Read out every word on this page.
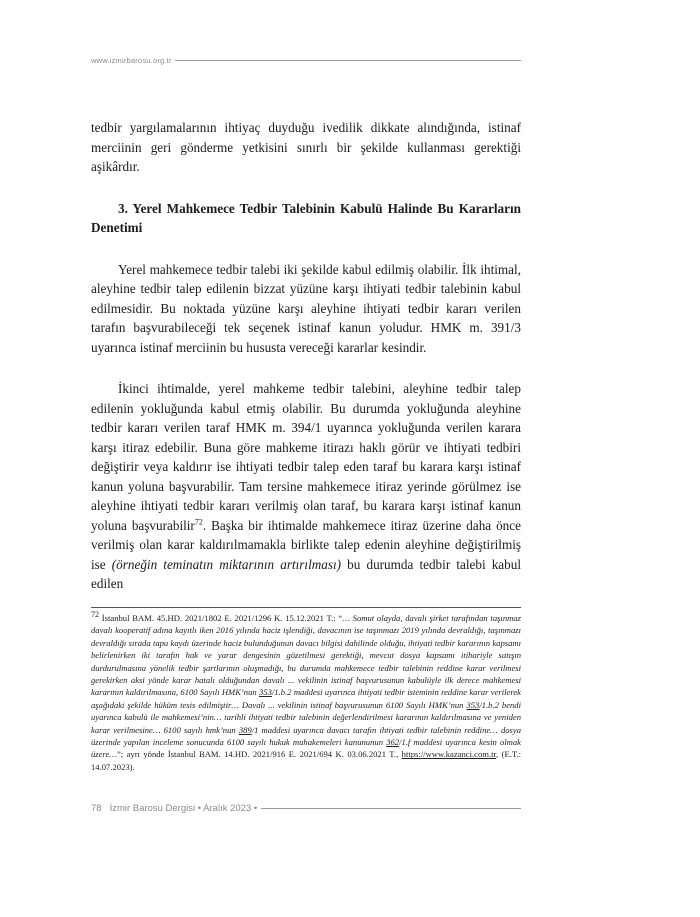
www.izmirbarosu.org.tr

tedbir yargılamalarının ihtiyaç duyduğu ivedilik dikkate alındığında, istinaf merciinin geri gönderme yetkisini sınırlı bir şekilde kullanması gerektiği aşikârdır.

3. Yerel Mahkemece Tedbir Talebinin Kabulü Halinde Bu Kararların Denetimi

Yerel mahkemece tedbir talebi iki şekilde kabul edilmiş olabilir. İlk ihtimal, aleyhine tedbir talep edilenin bizzat yüzüne karşı ihtiyati tedbir talebinin kabul edilmesidir. Bu noktada yüzüne karşı aleyhine ihtiyati tedbir kararı verilen tarafın başvurabileceği tek seçenek istinaf kanun yoludur. HMK m. 391/3 uyarınca istinaf merciinin bu hususta vereceği kararlar kesindir.

İkinci ihtimalde, yerel mahkeme tedbir talebini, aleyhine tedbir talep edilenin yokluğunda kabul etmiş olabilir. Bu durumda yokluğunda aleyhine tedbir kararı verilen taraf HMK m. 394/1 uyarınca yokluğunda verilen karara karşı itiraz edebilir. Buna göre mahkeme itirazı haklı görür ve ihtiyati tedbiri değiştirir veya kaldırır ise ihtiyati tedbir talep eden taraf bu karara karşı istinaf kanun yoluna başvurabilir. Tam tersine mahkemece itiraz yerinde görülmez ise aleyhine ihtiyati tedbir kararı verilmiş olan taraf, bu karara karşı istinaf kanun yoluna başvurabilir$^{72}$. Başka bir ihtimalde mahkemece itiraz üzerine daha önce verilmiş olan karar kaldırılmamakla birlikte talep edenin aleyhine değiştirilmiş ise (örneğin teminatın miktarının artırılması) bu durumda tedbir talebi kabul edilen

72 İstanbul BAM. 45.HD. 2021/1802 E. 2021/1296 K. 15.12.2021 T.: “… Somut olayda, davalı şirket tarafından taşınmaz davalı kooperatif adına kayıtlı iken 2016 yılında haciz işlendiği, davacının ise taşınmazı 2019 yılında devraldığı, taşınmazı devraldığı sırada tapu kaydı üzerinde haciz bulunduğunun davacı bilgisi dahilinde olduğu, ihtiyati tedbir kararının kapsamı belirlenirken iki tarafın hak ve yarar dengesinin gözetilmesi gerektiği, mevcut dosya kapsamı itibariyle satışın durdurulmasına yönelik tedbir şartlarının oluşmadığı, bu durumda mahkemece tedbir talebinin reddine karar verilmesi gerekirken aksi yönde karar hatalı olduğundan davalı ... vekilinin istinaf başvurusunun kabulüyle ilk derece mahkemesi kararının kaldırılmasına, 6100 Sayılı HMK’nun 353/1.b.2 maddesi uyarınca ihtiyati tedbir isteminin reddine karar verilerek aşağıdaki şekilde hüküm tesis edilmiştir… Davalı ... vekilinin istinaf başvurusunun 6100 Sayılı HMK’nun 353/1.b.2 bendi uyarınca kabulü ile mahkemesi’nin… tarihli ihtiyati tedbir talebinin değerlendirilmesi kararının kaldırılmasına ve yeniden karar verilmesine… 6100 sayılı hmk’nun 389/1 maddesi uyarınca davacı tarafın ihtiyati tedbir talebinin reddine… dosya üzerinde yapılan inceleme sonucunda 6100 sayılı hukuk muhakemeleri kanununun 362/1.f maddesi uyarınca kesin olmak üzere…”; ayrı yönde İstanbul BAM. 14.HD. 2021/916 E. 2021/694 K. 03.06.2021 T., https://www.kazanci.com.tr, (E.T.: 14.07.2023).
78 İzmir Barosu Dergisi • Aralık 2023 •
